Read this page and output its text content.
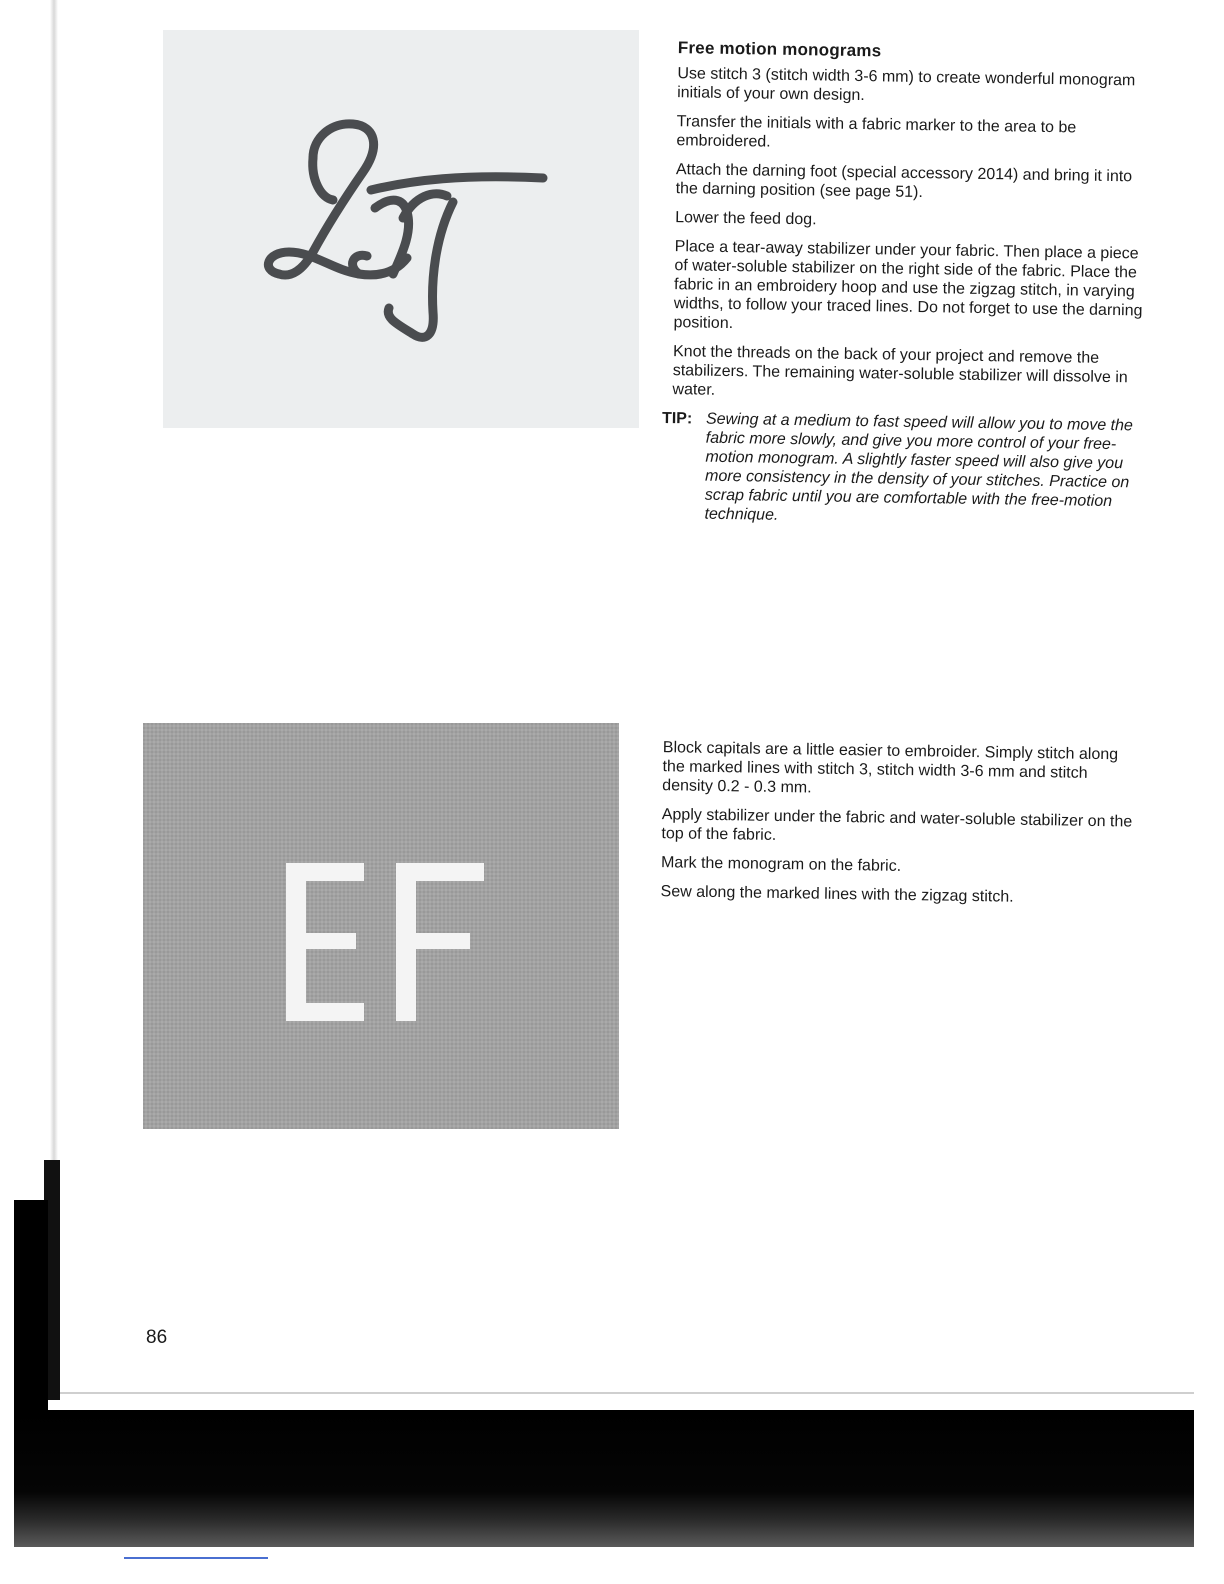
Free motion monograms

Use stitch 3 (stitch width 3-6 mm) to create wonderful monogram initials of your own design.

Transfer the initials with a fabric marker to the area to be embroidered.

Attach the darning foot (special accessory 2014) and bring it into the darning position (see page 51).

Lower the feed dog.

Place a tear-away stabilizer under your fabric. Then place a piece of water-soluble stabilizer on the right side of the fabric. Place the fabric in an embroidery hoop and use the zigzag stitch, in varying widths, to follow your traced lines. Do not forget to use the darning position.

Knot the threads on the back of your project and remove the stabilizers. The remaining water-soluble stabilizer will dissolve in water.

TIP: Sewing at a medium to fast speed will allow you to move the fabric more slowly, and give you more control of your free-motion monogram. A slightly faster speed will also give you more consistency in the density of your stitches. Practice on scrap fabric until you are comfortable with the free-motion technique.

Block capitals are a little easier to embroider. Simply stitch along the marked lines with stitch 3, stitch width 3-6 mm and stitch density 0.2 - 0.3 mm.

Apply stabilizer under the fabric and water-soluble stabilizer on the top of the fabric.

Mark the monogram on the fabric.

Sew along the marked lines with the zigzag stitch.

86
